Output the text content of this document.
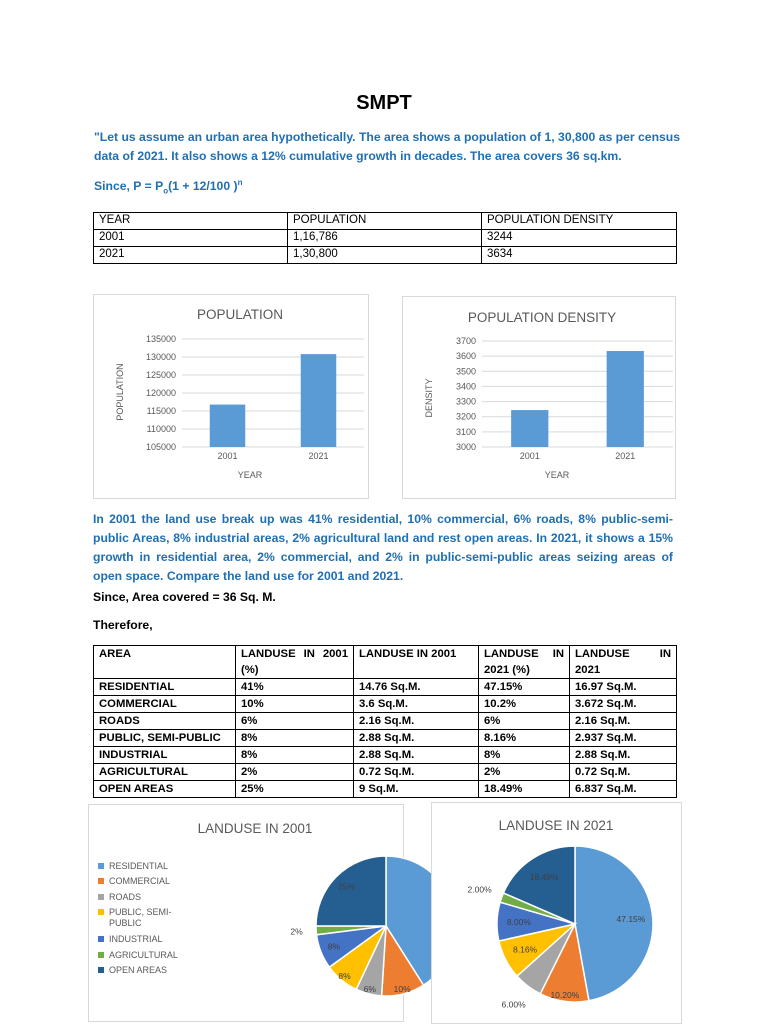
SMPT
"Let us assume an urban area hypothetically. The area shows a population of 1, 30,800 as per census data of 2021. It also shows a 12% cumulative growth in decades. The area covers 36 sq.km.
Since, $P = P_o(1 + 12/100$ )$^n$
YEAR	POPULATION	POPULATION DENSITY
2001	1,16,786	3244
2021	1,30,800	3634
POPULATION
135000
130000
125000
120000
115000
110000
105000
2001	2021
POPULATION
YEAR
POPULATION DENSITY
3700
3600
3500
3400
3300
3200
3100
3000
2001	2021
DENSITY
YEAR
In 2001 the land use break up was 41% residential, 10% commercial, 6% roads, 8% public-semi-public Areas, 8% industrial areas, 2% agricultural land and rest open areas. In 2021, it shows a 15% growth in residential area, 2% commercial, and 2% in public-semi-public areas seizing areas of open space. Compare the land use for 2001 and 2021.
Since, Area covered = 36 Sq. M.
Therefore,
AREA	LANDUSE IN 2001 (%)	LANDUSE IN 2001	LANDUSE IN 2021 (%)	LANDUSE IN 2021
RESIDENTIAL	41%	14.76 Sq.M.	47.15%	16.97 Sq.M.
COMMERCIAL	10%	3.6 Sq.M.	10.2%	3.672 Sq.M.
ROADS	6%	2.16 Sq.M.	6%	2.16 Sq.M.
PUBLIC, SEMI-PUBLIC	8%	2.88 Sq.M.	8.16%	2.937 Sq.M.
INDUSTRIAL	8%	2.88 Sq.M.	8%	2.88 Sq.M.
AGRICULTURAL	2%	0.72 Sq.M.	2%	0.72 Sq.M.
OPEN AREAS	25%	9 Sq.M.	18.49%	6.837 Sq.M.
LANDUSE IN 2001
10%
6%
8%
8%
2%
25%
RESIDENTIAL
COMMERCIAL
ROADS
PUBLIC, SEMI-PUBLIC
INDUSTRIAL
AGRICULTURAL
OPEN AREAS
LANDUSE IN 2021
47.15%
10.20%
6.00%
8.16%
8.00%
2.00%
18.49%
